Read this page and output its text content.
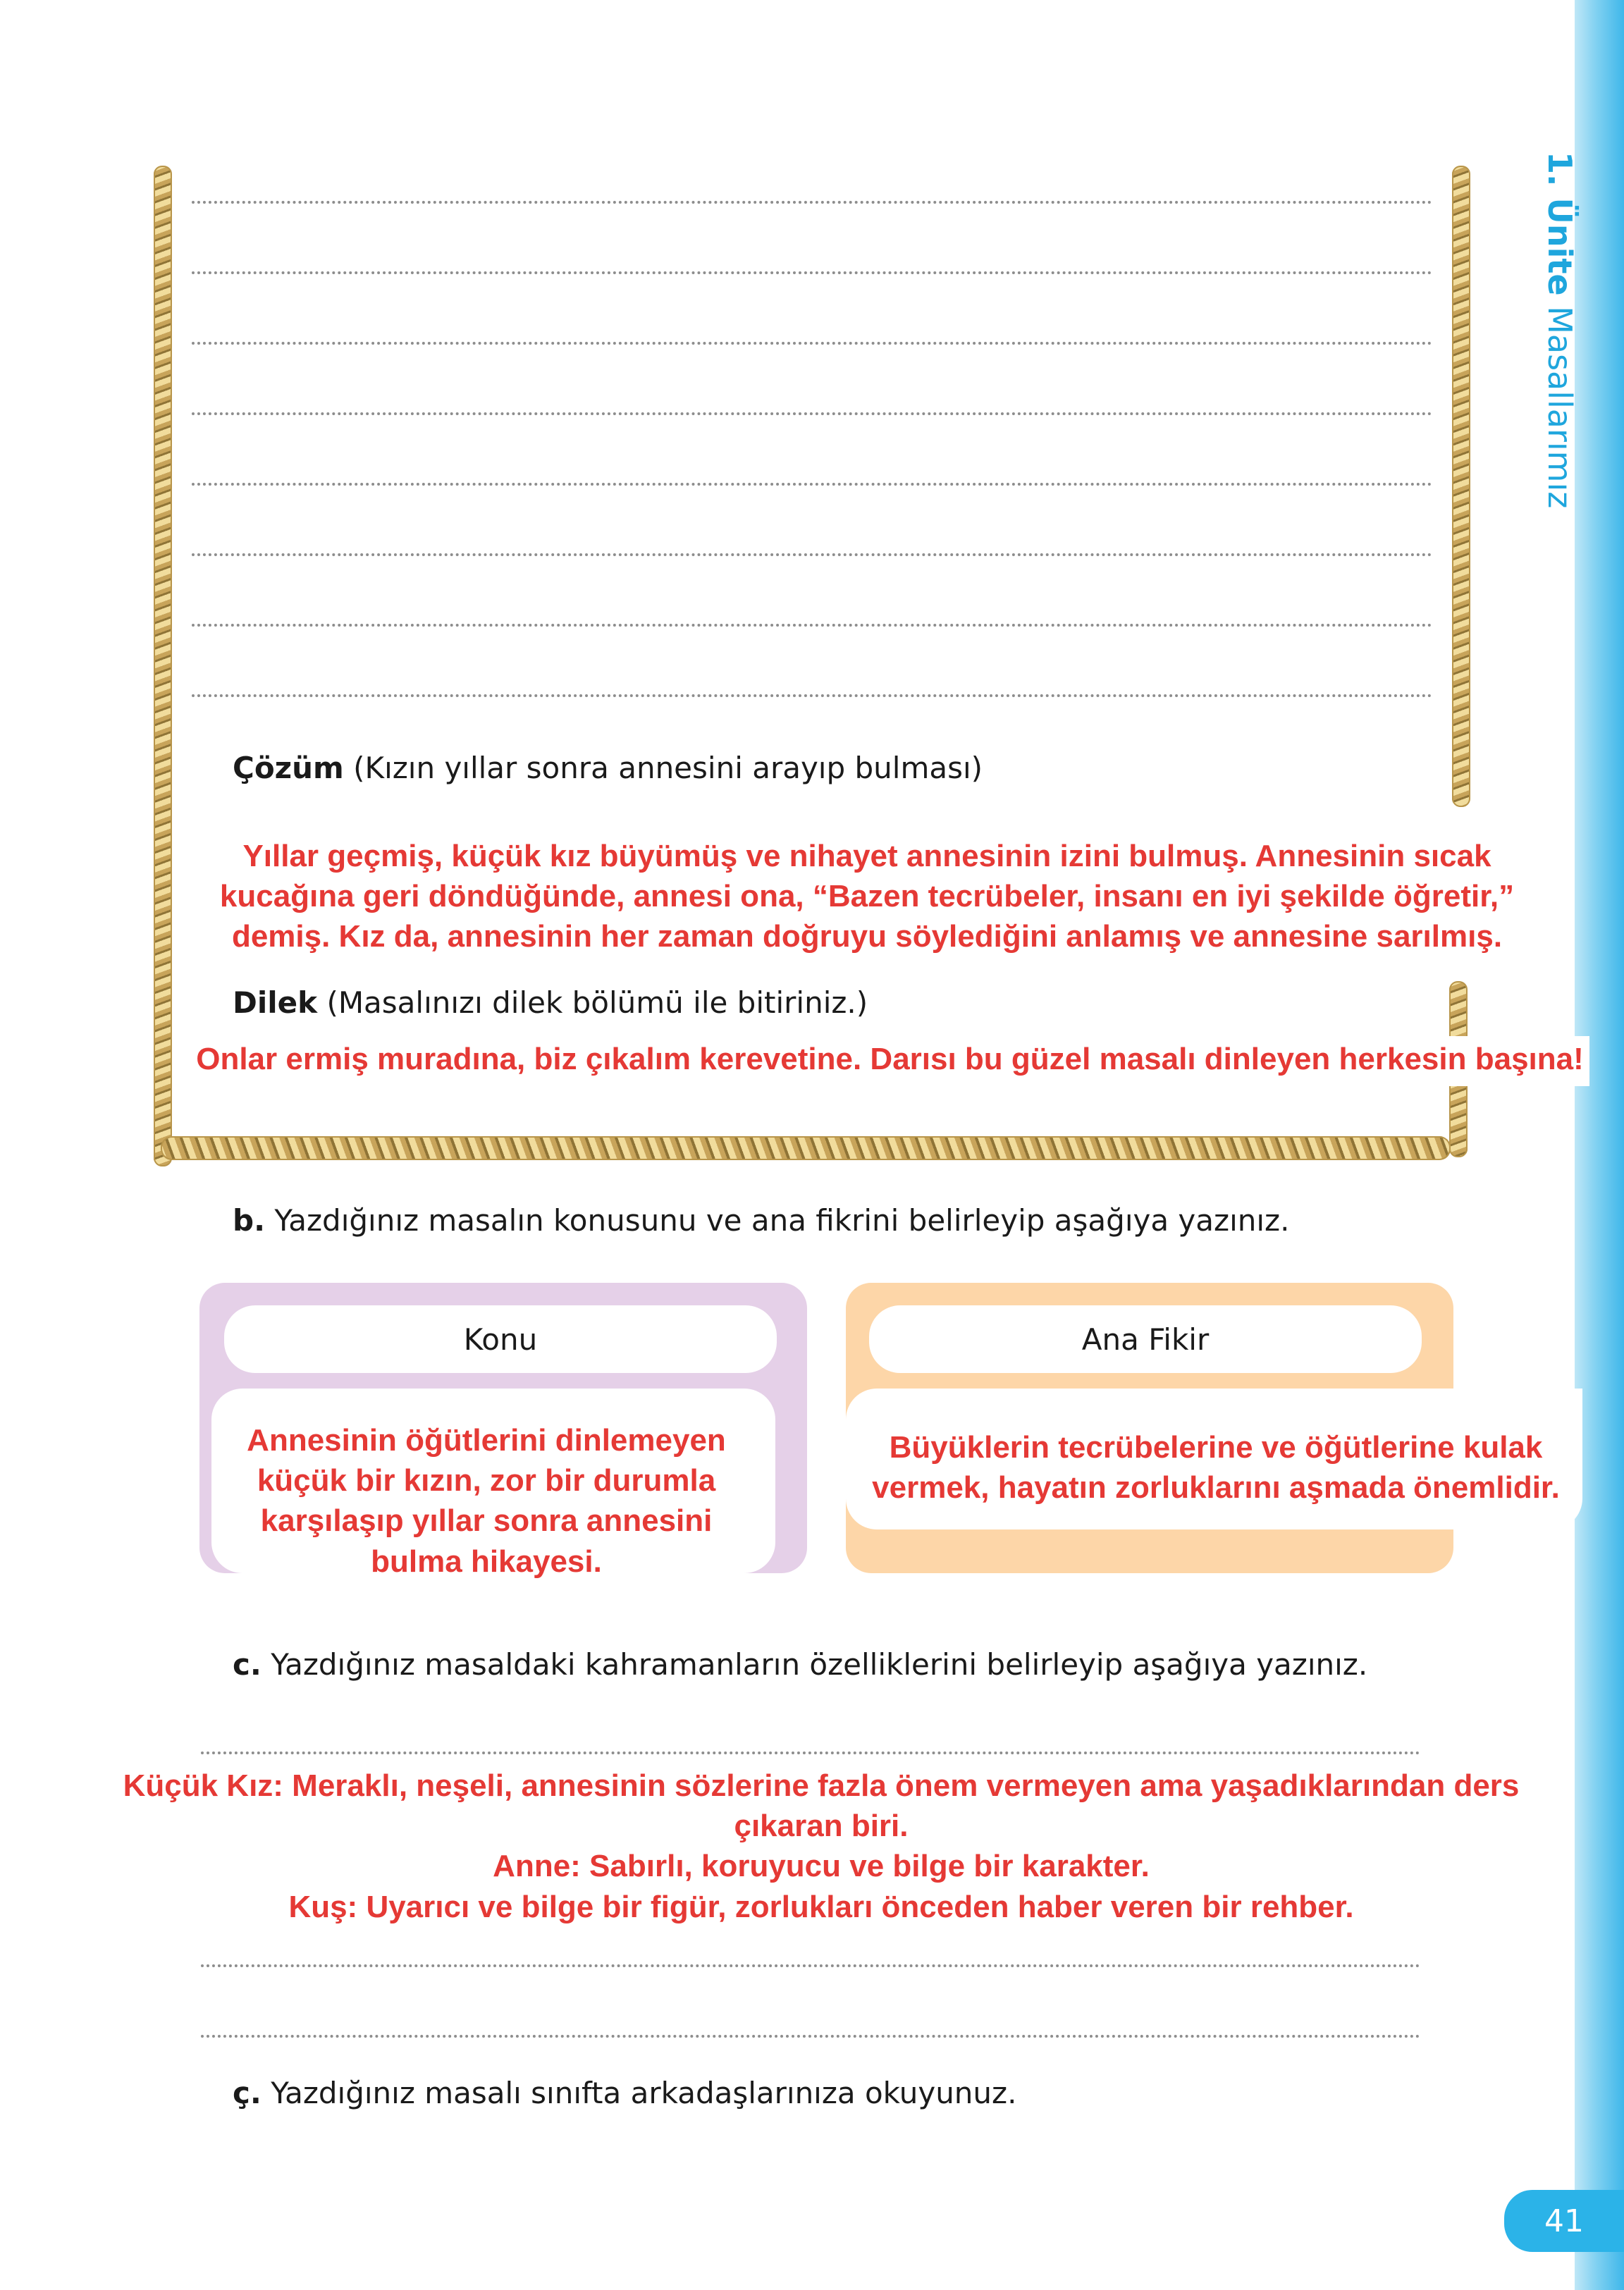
1. Ünite Masallarımız
41
Çözüm (Kızın yıllar sonra annesini arayıp bulması)
Yıllar geçmiş, küçük kız büyümüş ve nihayet annesinin izini bulmuş. Annesinin sıcak kucağına geri döndüğünde, annesi ona, “Bazen tecrübeler, insanı en iyi şekilde öğretir,” demiş. Kız da, annesinin her zaman doğruyu söylediğini anlamış ve annesine sarılmış.
Dilek (Masalınızı dilek bölümü ile bitiriniz.)
Onlar ermiş muradına, biz çıkalım kerevetine. Darısı bu güzel masalı dinleyen herkesin başına!
b. Yazdığınız masalın konusunu ve ana fikrini belirleyip aşağıya yazınız.
Konu
Annesinin öğütlerini dinlemeyen küçük bir kızın, zor bir durumla karşılaşıp yıllar sonra annesini bulma hikayesi.
Ana Fikir
Büyüklerin tecrübelerine ve öğütlerine kulak vermek, hayatın zorluklarını aşmada önemlidir.
c. Yazdığınız masaldaki kahramanların özelliklerini belirleyip aşağıya yazınız.
Küçük Kız: Meraklı, neşeli, annesinin sözlerine fazla önem vermeyen ama yaşadıklarından ders çıkaran biri.
Anne: Sabırlı, koruyucu ve bilge bir karakter.
Kuş: Uyarıcı ve bilge bir figür, zorlukları önceden haber veren bir rehber.
ç. Yazdığınız masalı sınıfta arkadaşlarınıza okuyunuz.
